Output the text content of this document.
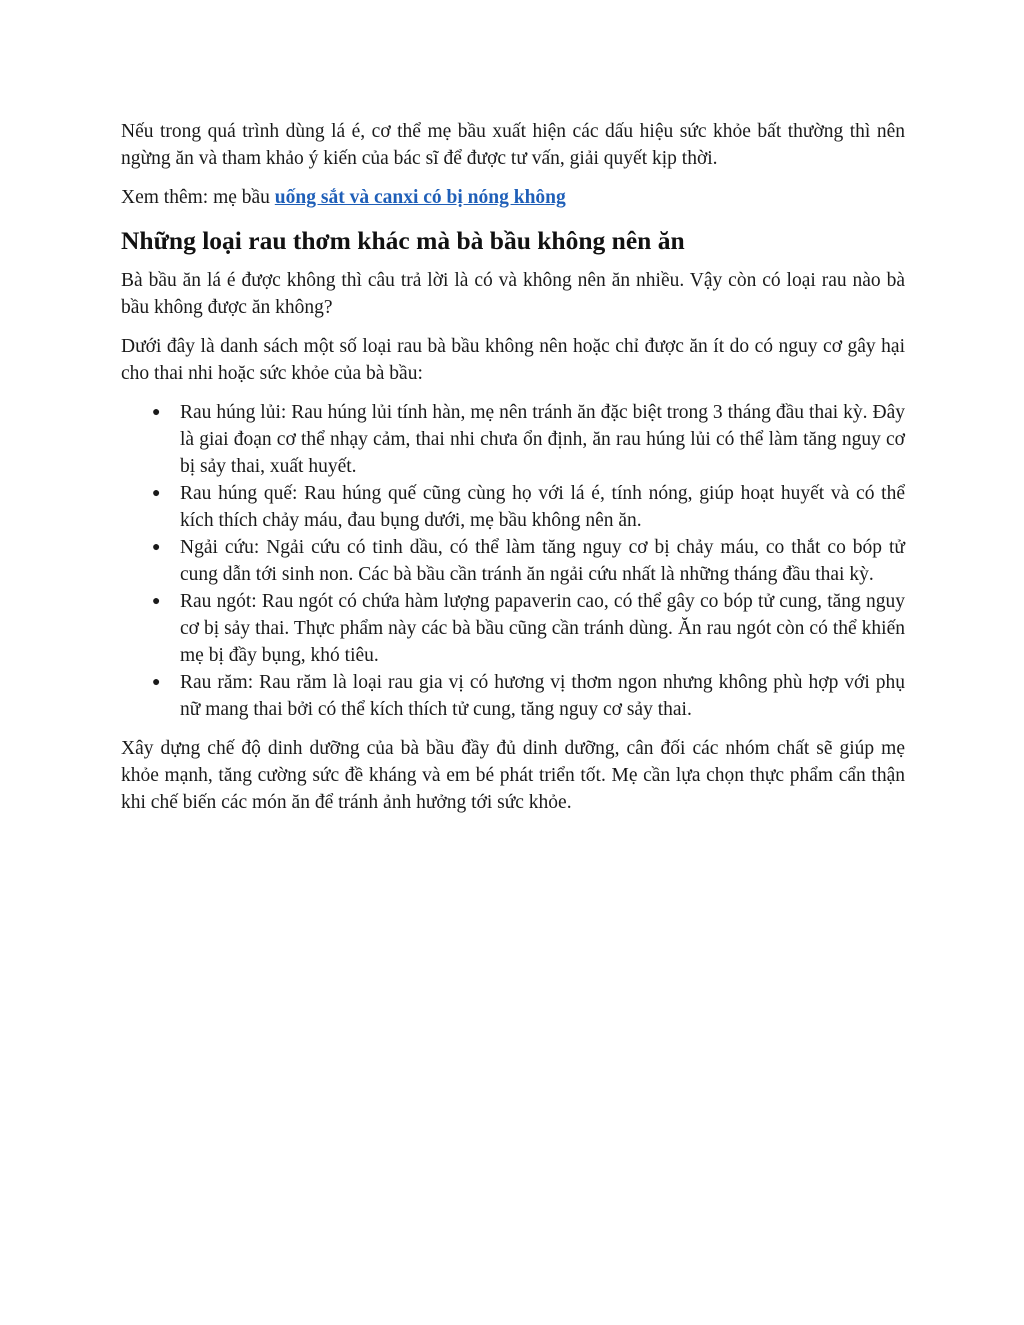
Nếu trong quá trình dùng lá é, cơ thể mẹ bầu xuất hiện các dấu hiệu sức khỏe bất thường thì nên ngừng ăn và tham khảo ý kiến của bác sĩ để được tư vấn, giải quyết kịp thời.

Xem thêm: mẹ bầu uống sắt và canxi có bị nóng không

Những loại rau thơm khác mà bà bầu không nên ăn

Bà bầu ăn lá é được không thì câu trả lời là có và không nên ăn nhiều. Vậy còn có loại rau nào bà bầu không được ăn không?

Dưới đây là danh sách một số loại rau bà bầu không nên hoặc chỉ được ăn ít do có nguy cơ gây hại cho thai nhi hoặc sức khỏe của bà bầu:

● Rau húng lủi: Rau húng lủi tính hàn, mẹ nên tránh ăn đặc biệt trong 3 tháng đầu thai kỳ. Đây là giai đoạn cơ thể nhạy cảm, thai nhi chưa ổn định, ăn rau húng lủi có thể làm tăng nguy cơ bị sảy thai, xuất huyết.
● Rau húng quế: Rau húng quế cũng cùng họ với lá é, tính nóng, giúp hoạt huyết và có thể kích thích chảy máu, đau bụng dưới, mẹ bầu không nên ăn.
● Ngải cứu: Ngải cứu có tinh dầu, có thể làm tăng nguy cơ bị chảy máu, co thắt co bóp tử cung dẫn tới sinh non. Các bà bầu cần tránh ăn ngải cứu nhất là những tháng đầu thai kỳ.
● Rau ngót: Rau ngót có chứa hàm lượng papaverin cao, có thể gây co bóp tử cung, tăng nguy cơ bị sảy thai. Thực phẩm này các bà bầu cũng cần tránh dùng. Ăn rau ngót còn có thể khiến mẹ bị đầy bụng, khó tiêu.
● Rau răm: Rau răm là loại rau gia vị có hương vị thơm ngon nhưng không phù hợp với phụ nữ mang thai bởi có thể kích thích tử cung, tăng nguy cơ sảy thai.

Xây dựng chế độ dinh dưỡng của bà bầu đầy đủ dinh dưỡng, cân đối các nhóm chất sẽ giúp mẹ khỏe mạnh, tăng cường sức đề kháng và em bé phát triển tốt. Mẹ cần lựa chọn thực phẩm cẩn thận khi chế biến các món ăn để tránh ảnh hưởng tới sức khỏe.
